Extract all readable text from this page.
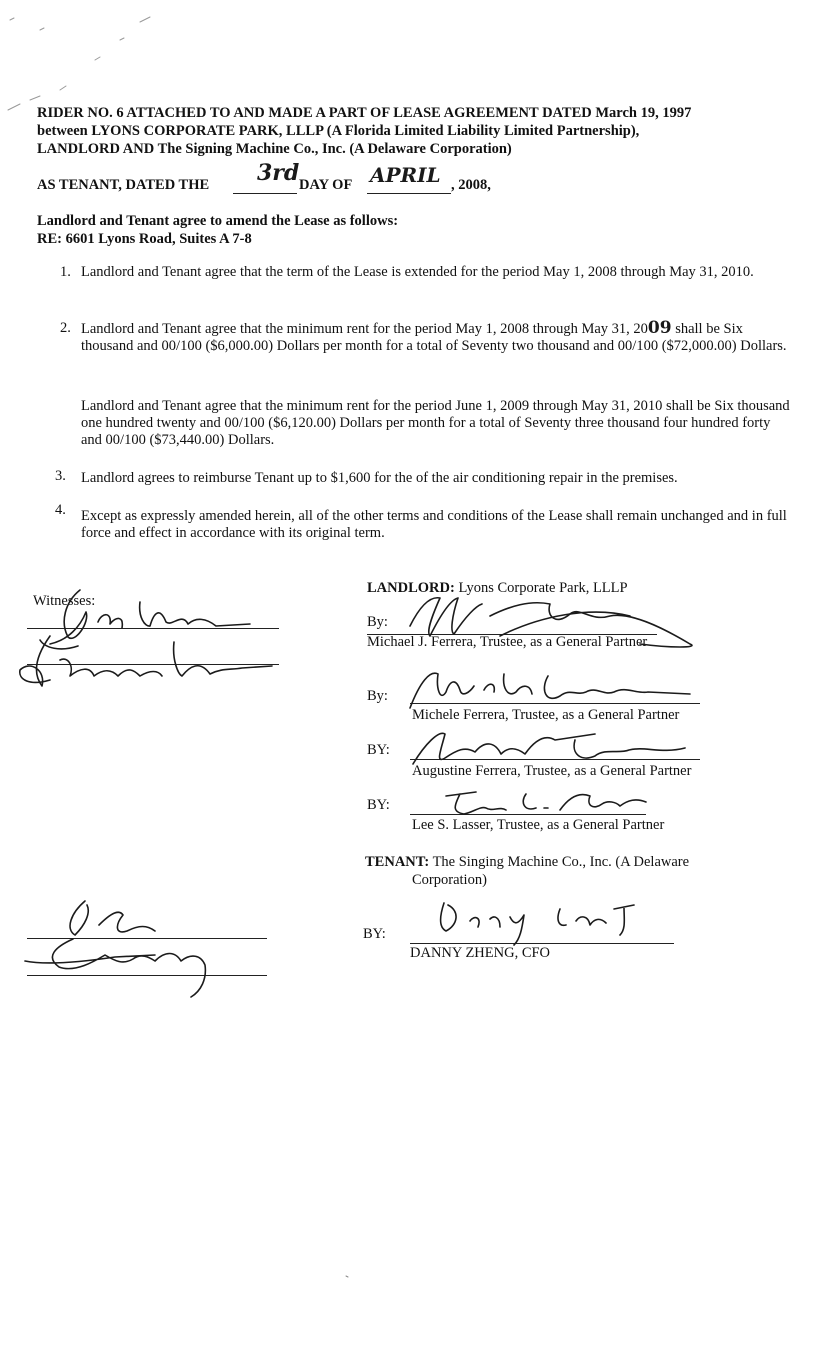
RIDER NO. 6 ATTACHED TO AND MADE A PART OF LEASE AGREEMENT DATED March 19, 1997
between LYONS CORPORATE PARK, LLLP (A Florida Limited Liability Limited Partnership),
LANDLORD AND The Signing Machine Co., Inc. (A Delaware Corporation)
AS TENANT, DATED THE 3rd DAY OF APRIL , 2008,
Landlord and Tenant agree to amend the Lease as follows:
RE: 6601 Lyons Road, Suites A 7-8
1. Landlord and Tenant agree that the term of the Lease is extended for the period May 1, 2008 through May 31, 2010.
2. Landlord and Tenant agree that the minimum rent for the period May 1, 2008 through May 31, 2009 shall be Six thousand and 00/100 ($6,000.00) Dollars per month for a total of Seventy two thousand and 00/100 ($72,000.00) Dollars.
Landlord and Tenant agree that the minimum rent for the period June 1, 2009 through May 31, 2010 shall be Six thousand one hundred twenty and 00/100 ($6,120.00) Dollars per month for a total of Seventy three thousand four hundred forty and 00/100 ($73,440.00) Dollars.
3. Landlord agrees to reimburse Tenant up to $1,600 for the of the air conditioning repair in the premises.
4. Except as expressly amended herein, all of the other terms and conditions of the Lease shall remain unchanged and in full force and effect in accordance with its original term.
Witnesses:
LANDLORD: Lyons Corporate Park, LLLP
By:
Michael J. Ferrera, Trustee, as a General Partner
By:
Michele Ferrera, Trustee, as a General Partner
BY:
Augustine Ferrera, Trustee, as a General Partner
BY:
Lee S. Lasser, Trustee, as a General Partner
TENANT: The Singing Machine Co., Inc. (A Delaware
Corporation)
BY:
DANNY ZHENG, CFO
